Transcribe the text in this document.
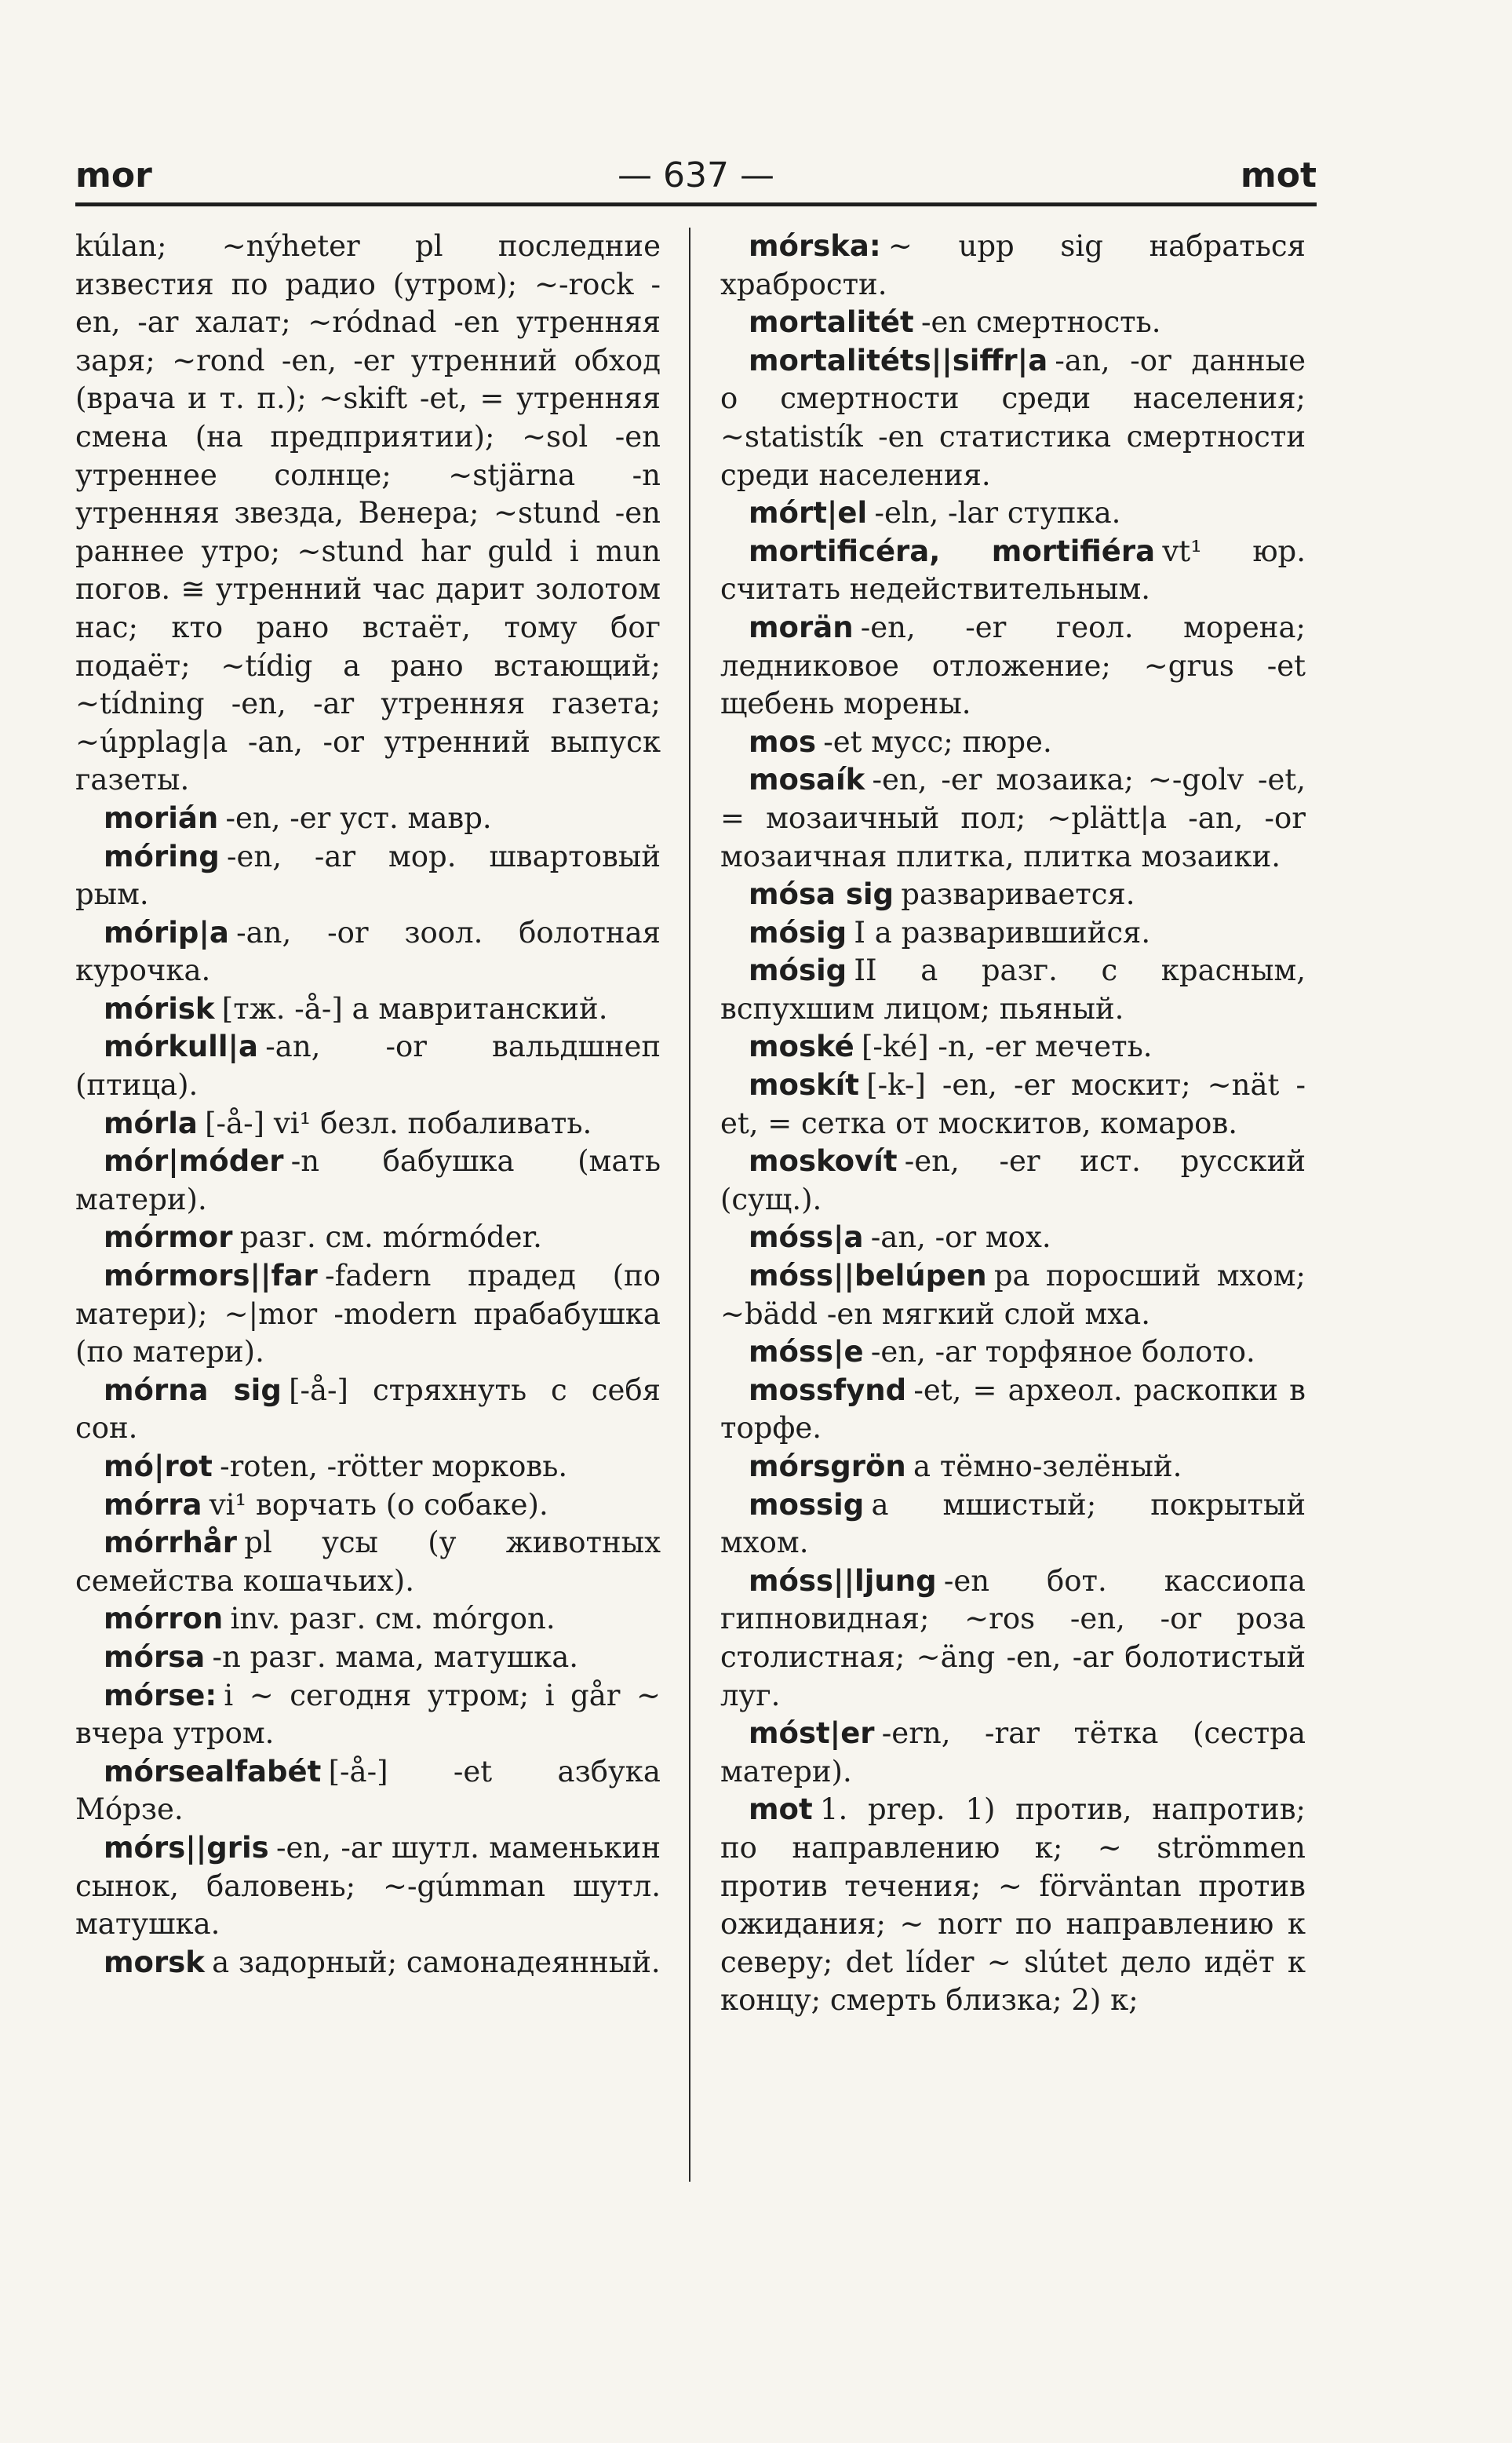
mor	— 637 —	mot

kúlan; ~nýheter pl последние известия по радио (утром); ~-rock -en, -ar халат; ~ródnad -en утренняя заря; ~rond -en, -er утренний обход (врача и т. п.); ~skift -et, = утренняя смена (на предприятии); ~sol -en утреннее солнце; ~stjärna -n утренняя звезда, Венера; ~stund -en раннее утро; ~stund har guld i mun погов. ≅ утренний час дарит золотом нас; кто рано встаёт, тому бог подаёт; ~tídig a рано встающий; ~tídning -en, -ar утренняя газета; ~úpplag|a -an, -or утренний выпуск газеты.

morián -en, -er уст. мавр.

móring -en, -ar мор. швартовый рым.

mórip|a -an, -or зоол. болотная курочка.

mórisk [тж. -å-] a мавританский.

mórkull|a -an, -or вальдшнеп (птица).

mórla [-å-] vi¹ безл. побаливать.

mór|móder -n бабушка (мать матери).

mórmor разг. см. mórmóder.

mórmors||far -fadern прадед (по матери); ~|mor -modern прабабушка (по матери).

mórna sig [-å-] стряхнуть с себя сон.

mó|rot -roten, -rötter морковь.

mórra vi¹ ворчать (о собаке).

mórrhår pl усы (у животных семейства кошачьих).

mórron inv. разг. см. mórgon.

mórsa -n разг. мама, матушка.

mórse: i ~ сегодня утром; i går ~ вчера утром.

mórsealfabét [-å-] -et азбука Мóрзе.

mórs||gris -en, -ar шутл. маменькин сынок, баловень; ~-gúmman шутл. матушка.

morsk a задорный; самонадеянный.

mórska: ~ upp sig набраться храбрости.

mortalitét -en смертность.

mortalitéts||siffr|a -an, -or данные о смертности среди населения; ~statistík -en статистика смертности среди населения.

mórt|el -eln, -lar ступка.

mortificéra, mortifiéra vt¹ юр. считать недействительным.

morän -en, -er геол. морена; ледниковое отложение; ~grus -et щебень морены.

mos -et мусс; пюре.

mosaík -en, -er мозаика; ~-golv -et, = мозаичный пол; ~plätt|a -an, -or мозаичная плитка, плитка мозаики.

mósa sig разваривается.

mósig I a разварившийся.

mósig II a разг. с красным, вспухшим лицом; пьяный.

moské [-ké] -n, -er мечеть.

moskít [-k-] -en, -er москит; ~nät -et, = сетка от москитов, комаров.

moskovít -en, -er ист. русский (сущ.).

móss|a -an, -or мох.

móss||belúpen pa поросший мхом; ~bädd -en мягкий слой мха.

móss|e -en, -ar торфяное болото.

mossfynd -et, = археол. раскопки в торфе.

mórsgrön a тёмно-зелёный.

mossig a мшистый; покрытый мхом.

móss||ljung -en бот. кассиопа гипновидная; ~ros -en, -or роза столистная; ~äng -en, -ar болотистый луг.

móst|er -ern, -rar тётка (сестра матери).

mot 1. prep. 1) против, напротив; по направлению к; ~ strömmen против течения; ~ förväntan против ожидания; ~ norr по направлению к северу; det líder ~ slútet дело идёт к концу; смерть близка; 2) к;
